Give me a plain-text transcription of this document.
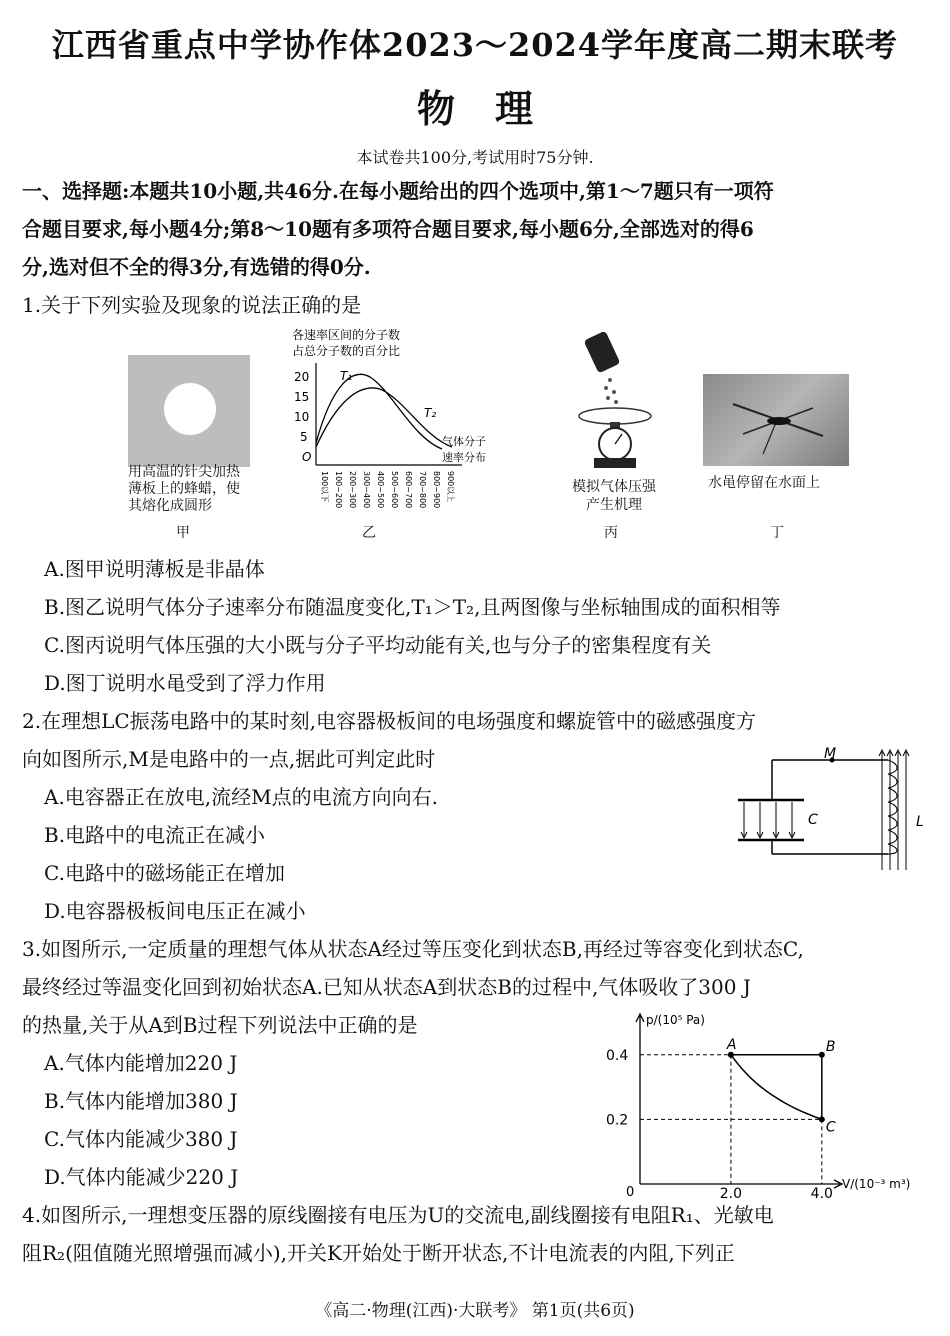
江西省重点中学协作体2023～2024学年度高二期末联考
物理
本试卷共100分,考试用时75分钟.
一、选择题:本题共10小题,共46分.在每小题给出的四个选项中,第1～7题只有一项符
合题目要求,每小题4分;第8～10题有多项符合题目要求,每小题6分,全部选对的得6
分,选对但不全的得3分,有选错的得0分.
1.关于下列实验及现象的说法正确的是
用高温的针尖加热
薄板上的蜂蜡，使
其熔化成圆形
甲
各速率区间的分子数
占总分子数的百分比
20
15
10
5
O
T₁
T₂
气体分子
速率分布
100以下 100~200 200~300 300~400 400~500 500~600 600~700 700~800 800~900 900以上
乙
模拟气体压强
产生机理
丙
水黾停留在水面上
丁
A.图甲说明薄板是非晶体
B.图乙说明气体分子速率分布随温度变化,T₁＞T₂,且两图像与坐标轴围成的面积相等
C.图丙说明气体压强的大小既与分子平均动能有关,也与分子的密集程度有关
D.图丁说明水黾受到了浮力作用
2.在理想LC振荡电路中的某时刻,电容器极板间的电场强度和螺旋管中的磁感强度方
向如图所示,M是电路中的一点,据此可判定此时	M
C	L
A.电容器正在放电,流经M点的电流方向向右.
B.电路中的电流正在减小
C.电路中的磁场能正在增加
D.电容器极板间电压正在减小
3.如图所示,一定质量的理想气体从状态A经过等压变化到状态B,再经过等容变化到状态C,
最终经过等温变化回到初始状态A.已知从状态A到状态B的过程中,气体吸收了300 J
的热量,关于从A到B过程下列说法中正确的是	p/(10⁵ Pa)
V/(10⁻³ m³)
0
0.4
0.2
2.0	4.0
A	B
C
A.气体内能增加220 J
B.气体内能增加380 J
C.气体内能减少380 J
D.气体内能减少220 J
4.如图所示,一理想变压器的原线圈接有电压为U的交流电,副线圈接有电阻R₁、光敏电
阻R₂(阻值随光照增强而减小),开关K开始处于断开状态,不计电流表的内阻,下列正
《高二·物理(江西)·大联考》 第1页(共6页)
